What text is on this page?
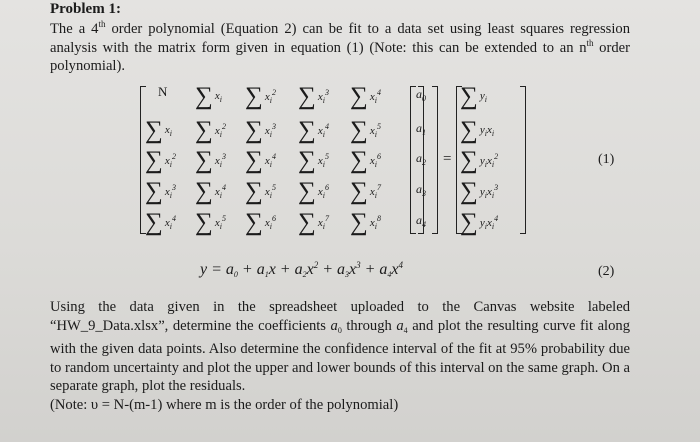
Problem 1:
The a 4th order polynomial (Equation 2) can be fit to a data set using least squares regression analysis with the matrix form given in equation (1) (Note: this can be extended to an $n^{th}$ order polynomial).
N ∑ $x_i$ ∑ $x_i^2$ ∑ $x_i^3$ ∑ $x_i^4$
∑ $x_i$ ∑ $x_i^2$ ∑ $x_i^3$ ∑ $x_i^4$ ∑ $x_i^5$
∑ $x_i^2$ ∑ $x_i^3$ ∑ $x_i^4$ ∑ $x_i^5$ ∑ $x_i^6$
∑ $x_i^3$ ∑ $x_i^4$ ∑ $x_i^5$ ∑ $x_i^6$ ∑ $x_i^7$
∑ $x_i^4$ ∑ $x_i^5$ ∑ $x_i^6$ ∑ $x_i^7$ ∑ $x_i^8$
$a_0$
$a_1$
$a_2$
$a_3$
$a_4$
=
∑ $y_i$
∑ $y_ix_i$
∑ $y_ix_i^2$
∑ $y_ix_i^3$
∑ $y_ix_i^4$
(1)
$y = a_0 + a_1x + a_2x^2 + a_3x^3 + a_4x^4$	(2)
Using the data given in the spreadsheet uploaded to the Canvas website labeled “HW_9_Data.xlsx”, determine the coefficients $a_0$ through $a_4$ and plot the resulting curve fit along with the given data points. Also determine the confidence interval of the fit at 95% probability due to random uncertainty and plot the upper and lower bounds of this interval on the same graph. On a separate graph, plot the residuals.
(Note: υ = N-(m-1) where m is the order of the polynomial)
